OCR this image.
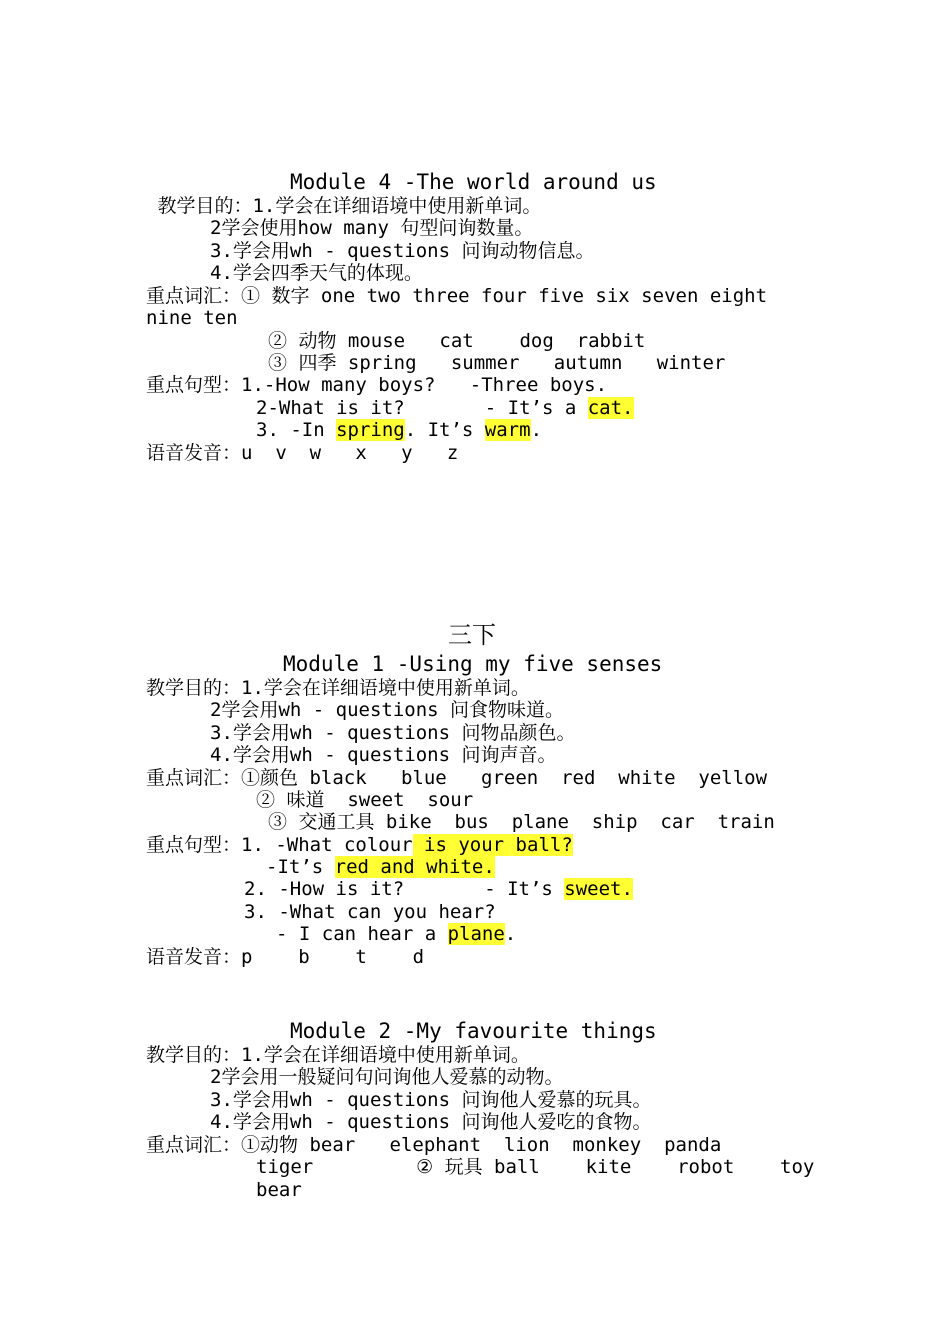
Module 4 -The world around us
教学目的：1.学会在详细语境中使用新单词。
2学会使用how many 句型问询数量。
3.学会用wh - questions 问询动物信息。
4.学会四季天气的体现。
重点词汇：① 数字 one two three four five six seven eight
nine ten
② 动物 mouse   cat    dog  rabbit
③ 四季 spring   summer   autumn   winter
重点句型：1.-How many boys?   -Three boys.
2-What is it?       - It’s a cat.
3. -In spring. It’s warm.
语音发音：u  v  w   x   y   z
三下
Module 1 -Using my five senses
教学目的：1.学会在详细语境中使用新单词。
2学会用wh - questions 问食物味道。
3.学会用wh - questions 问物品颜色。
4.学会用wh - questions 问询声音。
重点词汇：①颜色 black   blue   green  red  white  yellow
② 味道  sweet  sour
③ 交通工具 bike  bus  plane  ship  car  train
重点句型：1. -What colour is your ball?
-It’s red and white.
2. -How is it?       - It’s sweet.
3. -What can you hear?
- I can hear a plane.
语音发音：p    b    t    d
Module 2 -My favourite things
教学目的：1.学会在详细语境中使用新单词。
2学会用一般疑问句问询他人爱慕的动物。
3.学会用wh - questions 问询他人爱慕的玩具。
4.学会用wh - questions 问询他人爱吃的食物。
重点词汇：①动物 bear   elephant  lion  monkey  panda
tiger         ② 玩具 ball    kite    robot    toy
bear
